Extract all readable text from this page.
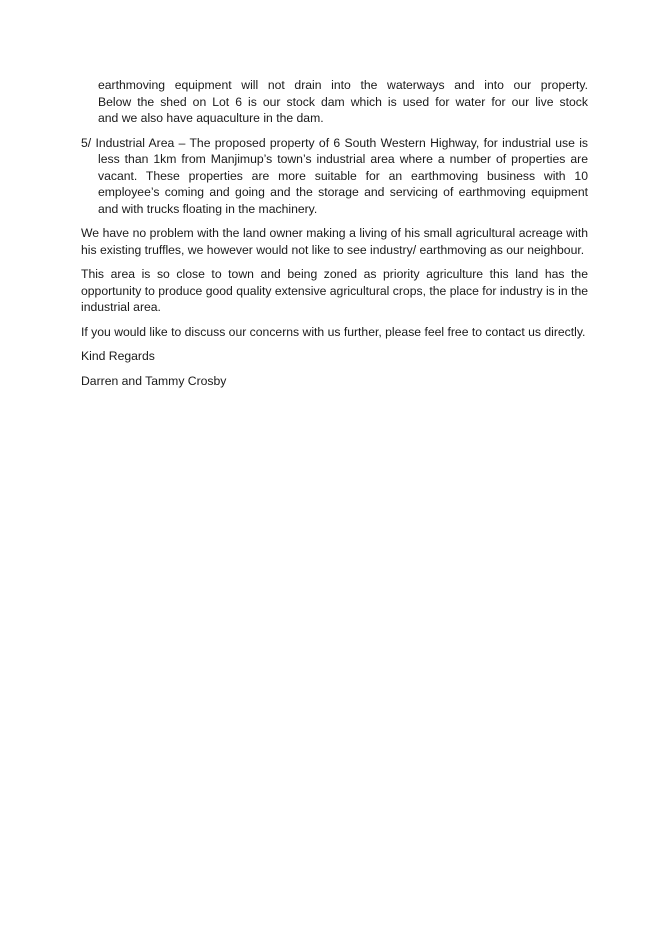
earthmoving equipment will not drain into the waterways and into our property.
Below the shed on Lot 6 is our stock dam which is used for water for our live stock
and we also have aquaculture in the dam.

5/ Industrial Area – The proposed property of 6 South Western Highway, for industrial use is less than 1km from Manjimup’s town’s industrial area where a number of properties are vacant. These properties are more suitable for an earthmoving business with 10 employee’s coming and going and the storage and servicing of earthmoving equipment and with trucks floating in the machinery.

We have no problem with the land owner making a living of his small agricultural acreage with his existing truffles, we however would not like to see industry/ earthmoving as our neighbour.

This area is so close to town and being zoned as priority agriculture this land has the opportunity to produce good quality extensive agricultural crops, the place for industry is in the industrial area.

If you would like to discuss our concerns with us further, please feel free to contact us directly.

Kind Regards

Darren and Tammy Crosby
